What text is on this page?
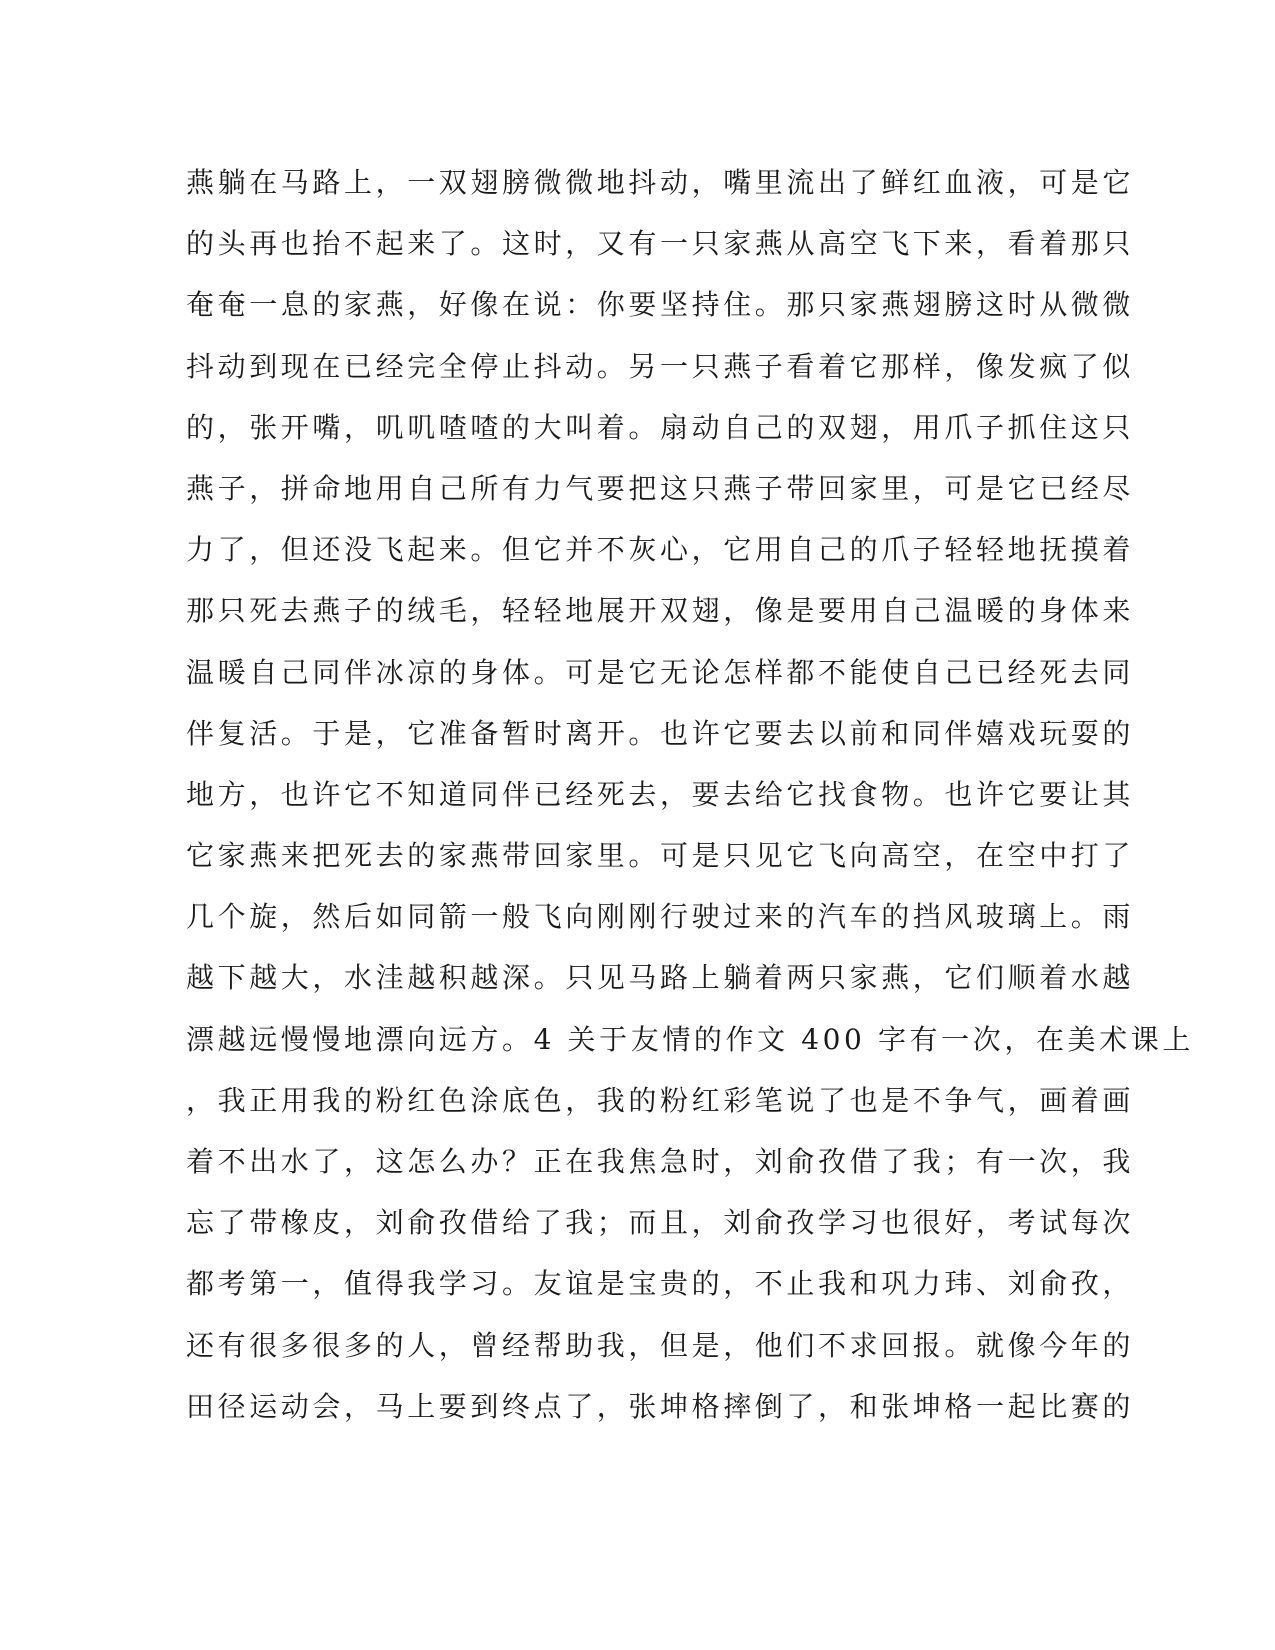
燕躺在马路上，一双翅膀微微地抖动，嘴里流出了鲜红血液，可是它
的头再也抬不起来了。这时，又有一只家燕从高空飞下来，看着那只
奄奄一息的家燕，好像在说：你要坚持住。那只家燕翅膀这时从微微
抖动到现在已经完全停止抖动。另一只燕子看着它那样，像发疯了似
的，张开嘴，叽叽喳喳的大叫着。扇动自己的双翅，用爪子抓住这只
燕子，拼命地用自己所有力气要把这只燕子带回家里，可是它已经尽
力了，但还没飞起来。但它并不灰心，它用自己的爪子轻轻地抚摸着
那只死去燕子的绒毛，轻轻地展开双翅，像是要用自己温暖的身体来
温暖自己同伴冰凉的身体。可是它无论怎样都不能使自己已经死去同
伴复活。于是，它准备暂时离开。也许它要去以前和同伴嬉戏玩耍的
地方，也许它不知道同伴已经死去，要去给它找食物。也许它要让其
它家燕来把死去的家燕带回家里。可是只见它飞向高空，在空中打了
几个旋，然后如同箭一般飞向刚刚行驶过来的汽车的挡风玻璃上。雨
越下越大，水洼越积越深。只见马路上躺着两只家燕，它们顺着水越
漂越远慢慢地漂向远方。4 关于友情的作文 400 字有一次，在美术课上
，我正用我的粉红色涂底色，我的粉红彩笔说了也是不争气，画着画
着不出水了，这怎么办？正在我焦急时，刘俞孜借了我；有一次，我
忘了带橡皮，刘俞孜借给了我；而且，刘俞孜学习也很好，考试每次
都考第一，值得我学习。友谊是宝贵的，不止我和巩力玮、刘俞孜，
还有很多很多的人，曾经帮助我，但是，他们不求回报。就像今年的
田径运动会，马上要到终点了，张坤格摔倒了，和张坤格一起比赛的
